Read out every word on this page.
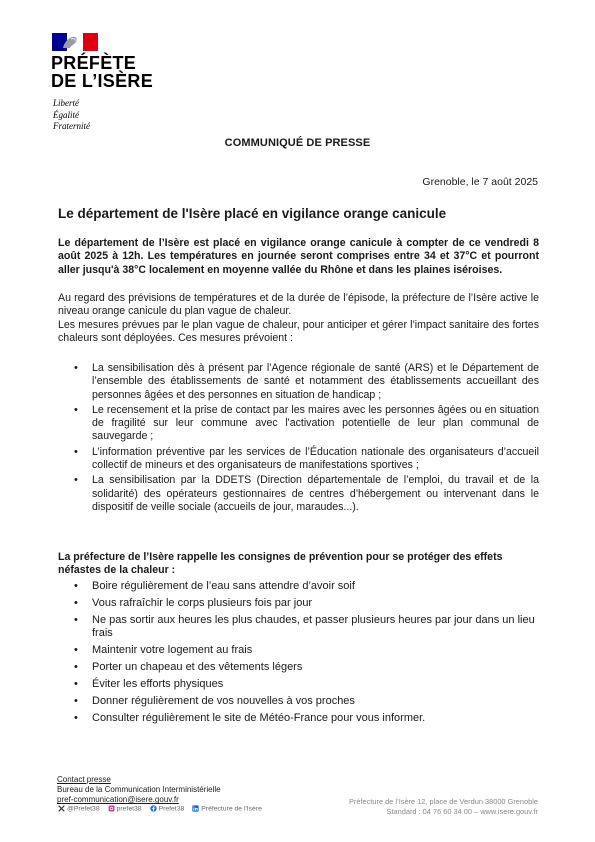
PRÉFÈTE
DE L’ISÈRE
Liberté
Égalité
Fraternité
COMMUNIQUÉ DE PRESSE
Grenoble, le 7 août 2025
Le département de l'Isère placé en vigilance orange canicule
Le département de l’Isère est placé en vigilance orange canicule à compter de ce vendredi 8 août 2025 à 12h. Les températures en journée seront comprises entre 34 et 37°C et pourront aller jusqu'à 38°C localement en moyenne vallée du Rhône et dans les plaines iséroises.
Au regard des prévisions de températures et de la durée de l’épisode, la préfecture de l’Isère active le niveau orange canicule du plan vague de chaleur.
Les mesures prévues par le plan vague de chaleur, pour anticiper et gérer l’impact sanitaire des fortes chaleurs sont déployées. Ces mesures prévoient :
• La sensibilisation dès à présent par l’Agence régionale de santé (ARS) et le Département de l’ensemble des établissements de santé et notamment des établissements accueillant des personnes âgées et des personnes en situation de handicap ;
• Le recensement et la prise de contact par les maires avec les personnes âgées ou en situation de fragilité sur leur commune avec l'activation potentielle de leur plan communal de sauvegarde ;
• L’information préventive par les services de l’Éducation nationale des organisateurs d’accueil collectif de mineurs et des organisateurs de manifestations sportives ;
• La sensibilisation par la DDETS (Direction départementale de l’emploi, du travail et de la solidarité) des opérateurs gestionnaires de centres d’hébergement ou intervenant dans le dispositif de veille sociale (accueils de jour, maraudes...).
La préfecture de l’Isère rappelle les consignes de prévention pour se protéger des effets néfastes de la chaleur :
• Boire régulièrement de l’eau sans attendre d’avoir soif
• Vous rafraîchir le corps plusieurs fois par jour
• Ne pas sortir aux heures les plus chaudes, et passer plusieurs heures par jour dans un lieu frais
• Maintenir votre logement au frais
• Porter un chapeau et des vêtements légers
• Éviter les efforts physiques
• Donner régulièrement de vos nouvelles à vos proches
• Consulter régulièrement le site de Météo-France pour vous informer.
Contact presse
Bureau de la Communication Interministérielle
pref-communication@isere.gouv.fr
@Prefet38	prefet38	Prefet38	Préfecture de l'Isère
Préfecture de l’Isère 12, place de Verdun 38000 Grenoble
Standard : 04 76 60 34 00 – www.isere.gouv.fr
